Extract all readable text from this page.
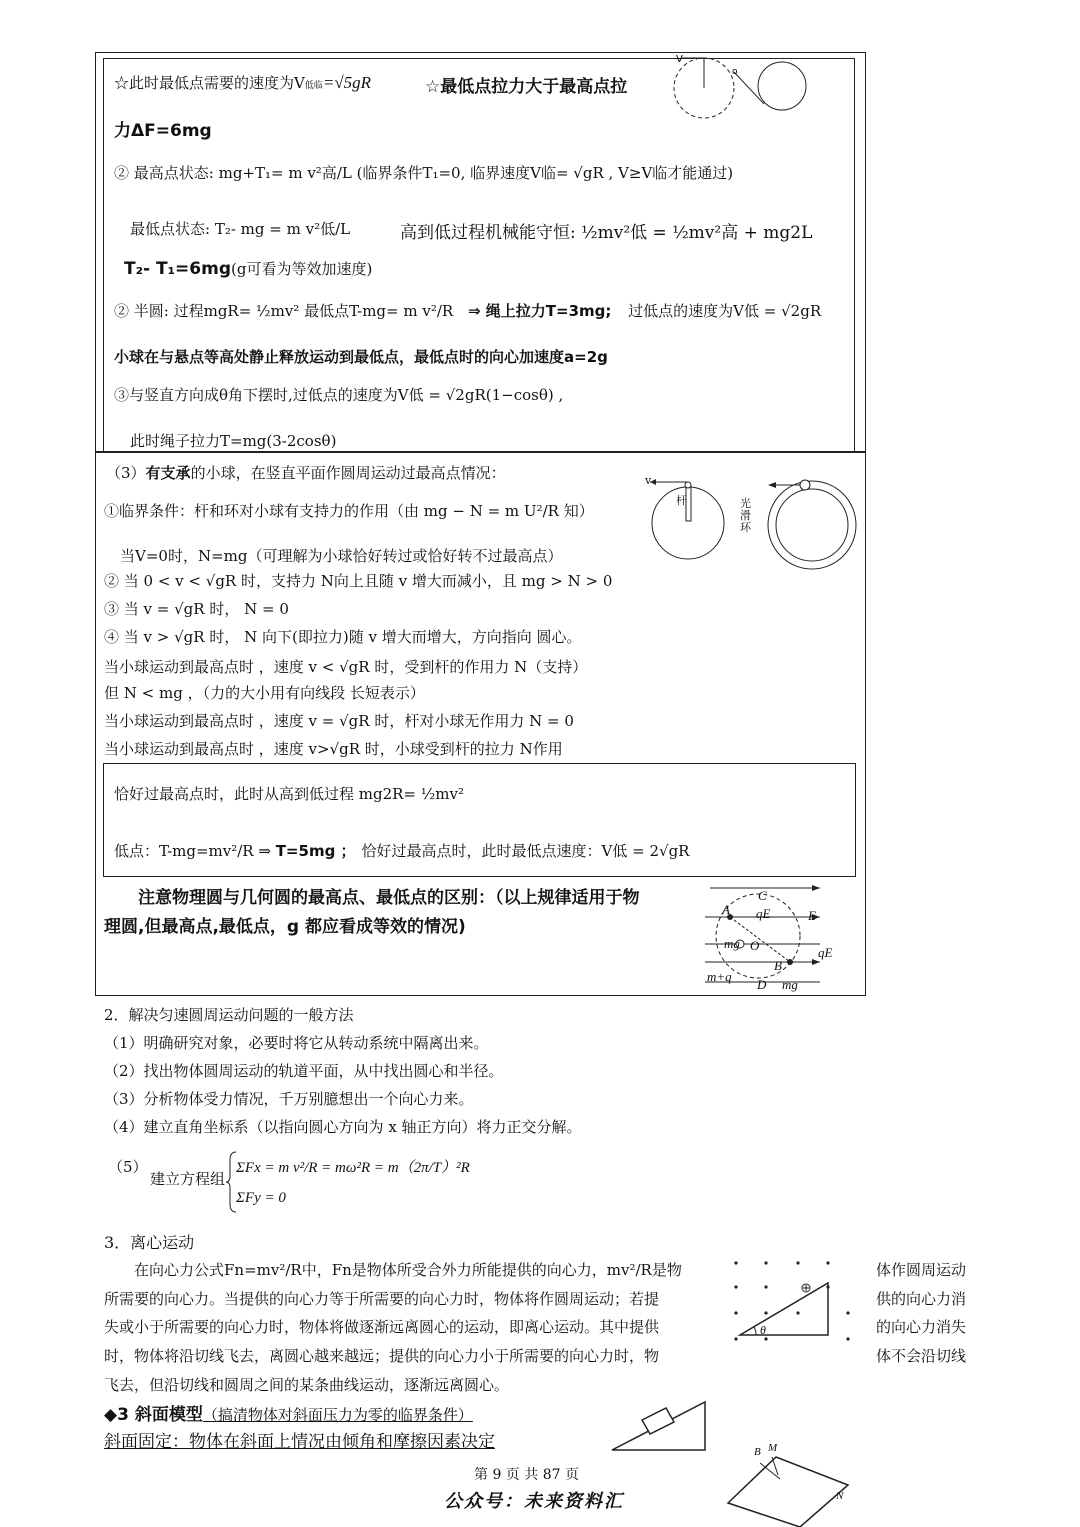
☆此时最低点需要的速度为V低临=√5gR	☆最低点拉力大于最高点拉
力ΔF=6mg
V
o
② 最高点状态: mg+T₁= m v²高/L (临界条件T₁=0, 临界速度V临= √gR , V≥V临才能通过)
最低点状态: T₂- mg = m v²低/L	高到低过程机械能守恒: ½mv²低 = ½mv²高 + mg2L
T₂- T₁=6mg(g可看为等效加速度)
② 半圆: 过程mgR= ½mv² 最低点T-mg= m v²/R ⇒ 绳上拉力T=3mg; 过低点的速度为V低 = √2gR
小球在与悬点等高处静止释放运动到最低点，最低点时的向心加速度a=2g
③与竖直方向成θ角下摆时,过低点的速度为V低 = √2gR(1−cosθ) ,
此时绳子拉力T=mg(3-2cosθ)
（3）有支承的小球，在竖直平面作圆周运动过最高点情况：
①临界条件：杆和环对小球有支持力的作用（由 mg − N = m U²/R 知）
当V=0时，N=mg（可理解为小球恰好转过或恰好转不过最高点）
② 当 0 < v < √gR 时，支持力 N向上且随 v 增大而减小，且 mg > N > 0
③ 当 v = √gR 时， N = 0
④ 当 v > √gR 时， N 向下(即拉力)随 v 增大而增大，方向指向 圆心。
当小球运动到最高点时 ，速度 v < √gR 时，受到杆的作用力 N（支持）
但 N < mg ，（力的大小用有向线段 长短表示）
当小球运动到最高点时 ，速度 v = √gR 时，杆对小球无作用力 N = 0
当小球运动到最高点时 ，速度 v>√gR 时，小球受到杆的拉力 N作用
v
杆	光滑环
恰好过最高点时，此时从高到低过程 mg2R= ½mv²
低点：T-mg=mv²/R ⇒ T=5mg ； 恰好过最高点时，此时最低点速度：V低 = 2√gR
注意物理圆与几何圆的最高点、最低点的区别：（以上规律适用于物
理圆,但最高点,最低点，g 都应看成等效的情况)
C
A qE	E
mg O
B
qE
m+q
D mg
2．解决匀速圆周运动问题的一般方法
（1）明确研究对象，必要时将它从转动系统中隔离出来。
（2）找出物体圆周运动的轨道平面，从中找出圆心和半径。
（3）分析物体受力情况，千万别臆想出一个向心力来。
（4）建立直角坐标系（以指向圆心方向为 x 轴正方向）将力正交分解。
（5）
建立方程组
ΣFx = m v²/R = mω²R = m（2π/T）²R
ΣFy = 0
3．离心运动
在向心力公式Fn=mv²/R中，Fn是物体所受合外力所能提供的向心力，mv²/R是物
所需要的向心力。当提供的向心力等于所需要的向心力时，物体将作圆周运动；若提
失或小于所需要的向心力时，物体将做逐渐远离圆心的运动，即离心运动。其中提供
时，物体将沿切线飞去，离圆心越来越远；提供的向心力小于所需要的向心力时，物
飞去，但沿切线和圆周之间的某条曲线运动，逐渐远离圆心。
体作圆周运动
供的向心力消
的向心力消失
体不会沿切线
θ
◆3 斜面模型（搞清物体对斜面压力为零的临界条件）
斜面固定：物体在斜面上情况由倾角和摩擦因素决定	B M
N
第 9 页 共 87 页
公众号：未来资料汇
